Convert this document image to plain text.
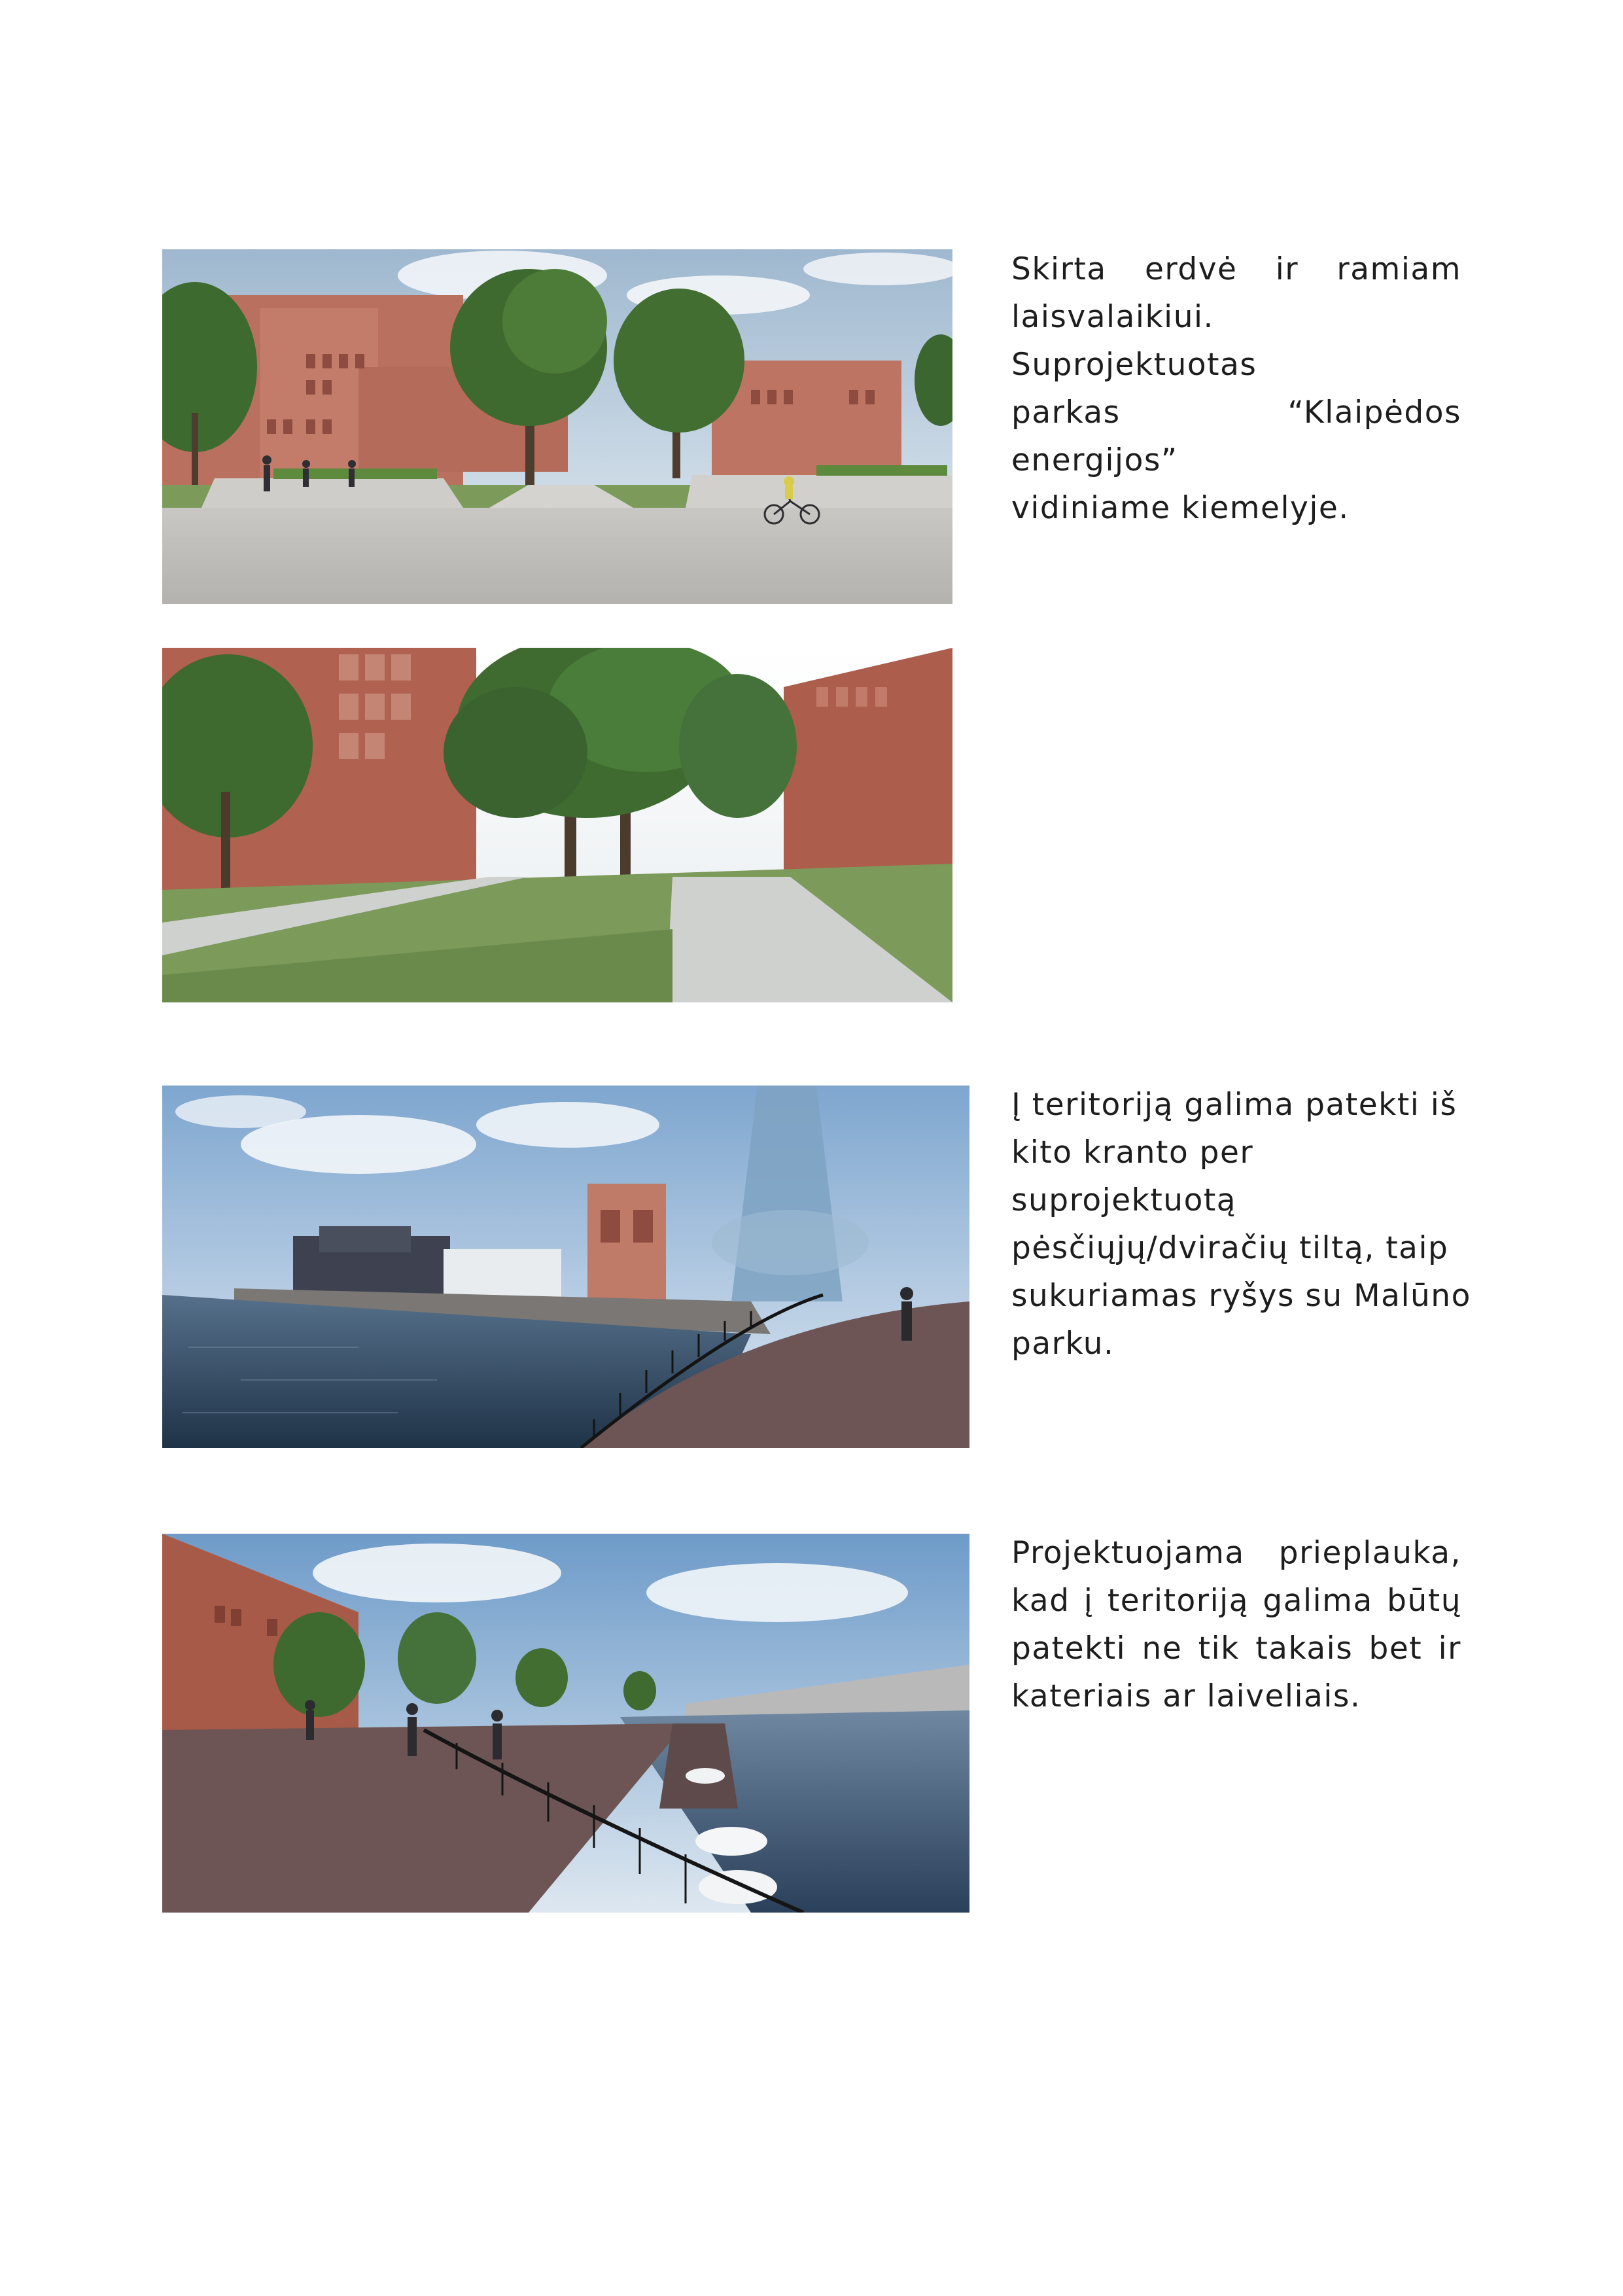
Skirta erdvė ir ramiam
laisvalaikiui. Suprojektuotas
parkas “Klaipėdos energijos”
vidiniame kiemelyje.

Į teritoriją galima patekti iš
kito kranto per suprojektuotą
pėsčiųjų/dviračių tiltą, taip
sukuriamas ryšys su Malūno
parku.

Projektuojama prieplauka,
kad į teritoriją galima būtų
patekti ne tik takais bet ir
kateriais ar laiveliais.
